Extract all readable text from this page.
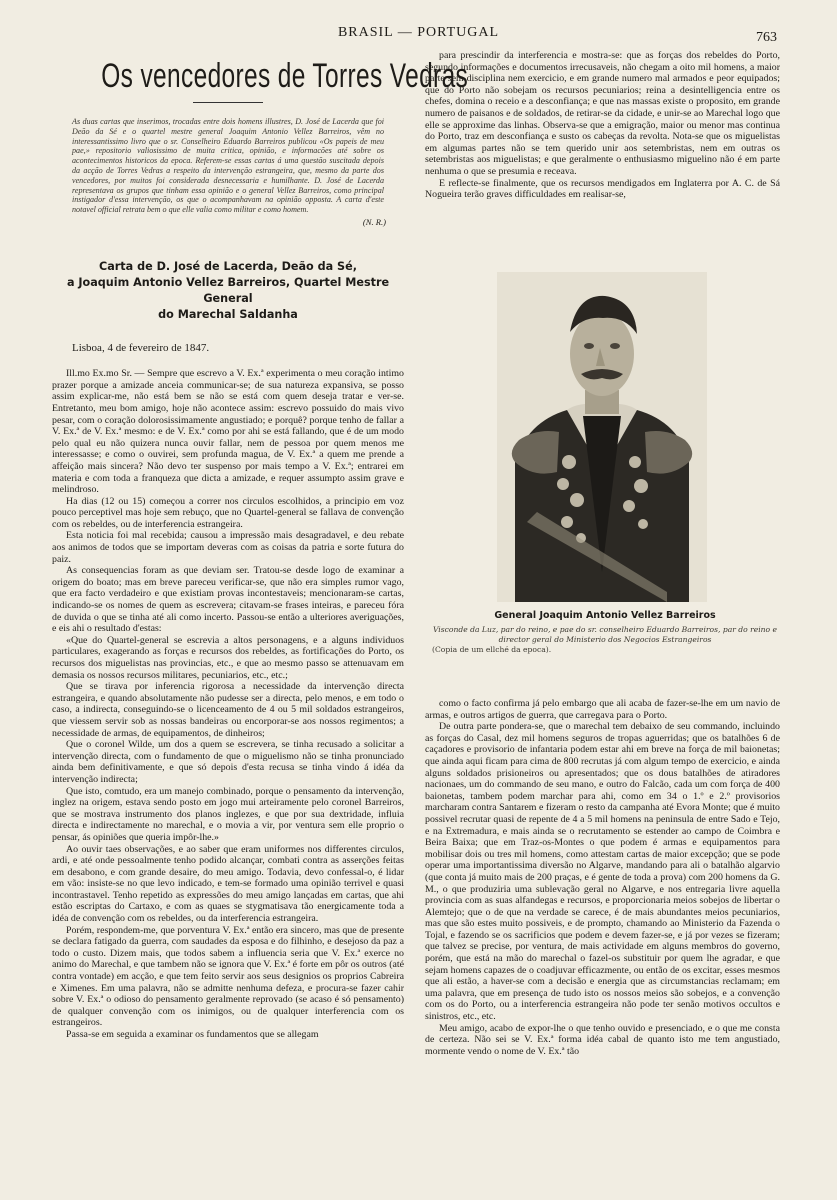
BRASIL — PORTUGAL	763
Os vencedores de Torres Vedras
As duas cartas que inserimos, trocadas entre dois homens illustres, D. José de Lacerda que foi Deão da Sé e o quartel mestre general Joaquim Antonio Vellez Barreiros, vêm no interessantissimo livro que o sr. Conselheiro Eduardo Barreiros publicou «Os papeis de meu pae,» repositorio valiosissimo de muita critica, opinião, e informacões até sobre os acontecimentos historicos da epoca. Referem-se essas cartas á uma questão suscitada depois da acção de Torres Vedras a respeito da intervenção estrangeira, que, mesmo da parte dos vencedores, por muitos foi considerada desnecessaria e humilhante. D. José de Lacerda representava os grupos que tinham essa opinião e o general Vellez Barreiros, como principal instigador d'essa intervenção, os que o acompanhavam na opinião opposta. A carta d'este notavel official retrata bem o que elle valia como militar e como homem.
(N. R.)
Carta de D. José de Lacerda, Deão da Sé,
a Joaquim Antonio Vellez Barreiros, Quartel Mestre General
do Marechal Saldanha
Lisboa, 4 de fevereiro de 1847.

Ill.mo Ex.mo Sr. — Sempre que escrevo a V. Ex.ª experimenta o meu coração intimo prazer porque a amizade anceia communicar-se; de sua natureza expansiva, se posso assim explicar-me, não está bem se não se está com quem deseja tratar e ver-se. Entretanto, meu bom amigo, hoje não acontece assim: escrevo possuido do mais vivo pesar, com o coração dolorosissimamente angustiado; e porquê? porque tenho de fallar a V. Ex.ª de V. Ex.ª mesmo: e de V. Ex.ª como por ahi se está fallando, que é de um modo pelo qual eu não quizera nunca ouvir fallar, nem de pessoa por quem menos me interessasse; e como o ouvirei, sem profunda magua, de V. Ex.ª a quem me prende a affeição mais sincera? Não devo ter suspenso por mais tempo a V. Ex.ª; entrarei em materia e com toda a franqueza que dicta a amizade, e requer assumpto assim grave e melindroso.

Ha dias (12 ou 15) começou a correr nos circulos escolhidos, a principio em voz pouco perceptivel mas hoje sem rebuço, que no Quartel-general se fallava de convenção com os rebeldes, ou de interferencia estrangeira.

Esta noticia foi mal recebida; causou a impressão mais desagradavel, e deu rebate aos animos de todos que se importam deveras com as coisas da patria e sorte futura do paiz.

As consequencias foram as que deviam ser. Tratou-se desde logo de examinar a origem do boato; mas em breve pareceu verificar-se, que não era simples rumor vago, que era facto verdadeiro e que existiam provas incontestaveis; mencionaram-se cartas, indicando-se os nomes de quem as escrevera; citavam-se frases inteiras, e pareceu fóra de duvida o que se tinha até ali como incerto. Passou-se então a ulteriores averiguações, e eis ahi o resultado d'estas:

«Que do Quartel-general se escrevia a altos personagens, e a alguns individuos particulares, exagerando as forças e recursos dos rebeldes, as fortificações do Porto, os recursos dos miguelistas nas provincias, etc., e que ao mesmo passo se attenuavam em demasia os nossos recursos militares, pecuniarios, etc., etc.;

Que se tirava por inferencia rigorosa a necessidade da intervenção directa estrangeira, e quando absolutamente não pudesse ser a directa, pelo menos, e em todo o caso, a indirecta, conseguindo-se o licenceamento de 4 ou 5 mil soldados estrangeiros, que viessem servir sob as nossas bandeiras ou encorporar-se aos nossos regimentos; a necessidade de armas, de equipamentos, de dinheiros;

Que o coronel Wilde, um dos a quem se escrevera, se tinha recusado a solicitar a intervenção directa, com o fundamento de que o miguelismo não se tinha pronunciado ainda bem definitivamente, e que só depois d'esta recusa se tinha vindo á idéa da intervenção indirecta;

Que isto, comtudo, era um manejo combinado, porque o pensamento da intervenção, inglez na origem, estava sendo posto em jogo mui arteiramente pelo coronel Barreiros, que se mostrava instrumento dos planos inglezes, e que por sua dextridade, influia directa e indirectamente no marechal, e o movia a vir, por ventura sem elle proprio o pensar, ás opiniões que queria impôr-lhe.»

Ao ouvir taes observações, e ao saber que eram uniformes nos differentes circulos, ardi, e até onde pessoalmente tenho podido alcançar, combati contra as asserções feitas em desabono, e com grande desaire, do meu amigo. Todavia, devo confessal-o, é lidar em vão: insiste-se no que levo indicado, e tem-se formado uma opinião terrivel e quasi incontrastavel. Tenho repetido as expressões do meu amigo lançadas em cartas, que ahi estão escriptas do Cartaxo, e com as quaes se stygmatisava tão energicamente toda a idéa de convenção com os rebeldes, ou da interferencia estrangeira.

Porém, respondem-me, que porventura V. Ex.ª então era sincero, mas que de presente se declara fatigado da guerra, com saudades da esposa e do filhinho, e desejoso da paz a todo o custo. Dizem mais, que todos sabem a influencia seria que V. Ex.ª exerce no animo do Marechal, e que tambem não se ignora que V. Ex.ª é forte em pôr os outros (até contra vontade) em acção, e que tem feito servir aos seus designios os proprios Cabreira e Ximenes. Em uma palavra, não se admitte nenhuma defeza, e procura-se fazer cahir sobre V. Ex.ª o odioso do pensamento geralmente reprovado (se acaso é só pensamento) de qualquer convenção com os inimigos, ou de qualquer interferencia com os estrangeiros.

Passa-se em seguida a examinar os fundamentos que se allegam

para prescindir da interferencia e mostra-se: que as forças dos rebeldes do Porto, segundo informações e documentos irrecusaveis, não chegam a oito mil homens, a maior parte sem disciplina nem exercicio, e em grande numero mal armados e peor equipados; que do Porto não sobejam os recursos pecuniarios; reina a desintelligencia entre os chefes, domina o receio e a desconfiança; e que nas massas existe o proposito, em grande numero de paisanos e de soldados, de retirar-se da cidade, e unir-se ao Marechal logo que elle se approxime das linhas. Observa-se que a emigração, maior ou menor mas continua do Porto, traz em desconfiança e susto os cabeças da revolta. Nota-se que os miguelistas em algumas partes não se tem querido unir aos setembristas, nem em outras os setembristas aos miguelistas; e que geralmente o enthusiasmo miguelino não é em parte nenhuma o que se presumia e receava.

E reflecte-se finalmente, que os recursos mendigados em Inglaterra por A. C. de Sá Nogueira terão graves difficuldades em realisar-se,

General Joaquim Antonio Vellez Barreiros
Visconde da Luz, par do reino, e pae do sr. conselheiro Eduardo Barreiros, par do reino e director geral do Ministerio dos Negocios Estrangeiros
(Copia de um ellché da epoca).

como o facto confirma já pelo embargo que ali acaba de fazer-se-lhe em um navio de armas, e outros artigos de guerra, que carregava para o Porto.

De outra parte pondera-se, que o marechal tem debaixo de seu commando, incluindo as forças do Casal, dez mil homens seguros de tropas aguerridas; que os batalhões 6 de caçadores e provisorio de infantaria podem estar ahi em breve na força de mil baionetas; que ainda aqui ficam para cima de 800 recrutas já com algum tempo de exercicio, e ainda alguns soldados prisioneiros ou apresentados; que os dous batalhões de atiradores nacionaes, um do commando de seu mano, e outro do Falcão, cada um com força de 400 baionetas, tambem podem marchar para ahi, como em 34 o 1.º e 2.º provisorios marcharam contra Santarem e fizeram o resto da campanha até Evora Monte; que é muito possivel recrutar quasi de repente de 4 a 5 mil homens na peninsula de entre Sado e Tejo, e na Extremadura, e mais ainda se o recrutamento se estender ao campo de Coimbra e Beira Baixa; que em Traz-os-Montes o que podem é armas e equipamentos para mobilisar dois ou tres mil homens, como attestam cartas de maior excepção; que se pode operar uma importantissima diversão no Algarve, mandando para ali o batalhão algarvio (que conta já muito mais de 200 praças, e é gente de toda a prova) com 200 homens da G. M., o que produziria uma sublevação geral no Algarve, e nos entregaria livre aquella provincia com as suas alfandegas e recursos, e proporcionaria meios sobejos de libertar o Alemtejo; que o de que na verdade se carece, é de mais abundantes meios pecuniarios, mas que são estes muito possiveis, e de prompto, chamando ao Ministerio da Fazenda o Tojal, e fazendo se os sacrificios que podem e devem fazer-se, e já por vezes se fizeram; que talvez se precise, por ventura, de mais actividade em alguns membros do governo, porém, que está na mão do marechal o fazel-os substituir por quem lhe agradar, e que sejam homens capazes de o coadjuvar efficazmente, ou então de os excitar, esses mesmos que ali estão, a haver-se com a decisão e energia que as circumstancias reclamam; em uma palavra, que em presença de tudo isto os nossos meios são sobejos, e a convenção com os do Porto, ou a interferencia estrangeira não pode ter senão motivos occultos e sinistros, etc., etc.

Meu amigo, acabo de expor-lhe o que tenho ouvido e presenciado, e o que me consta de certeza. Não sei se V. Ex.ª forma idéa cabal de quanto isto me tem angustiado, mormente vendo o nome de V. Ex.ª tão
